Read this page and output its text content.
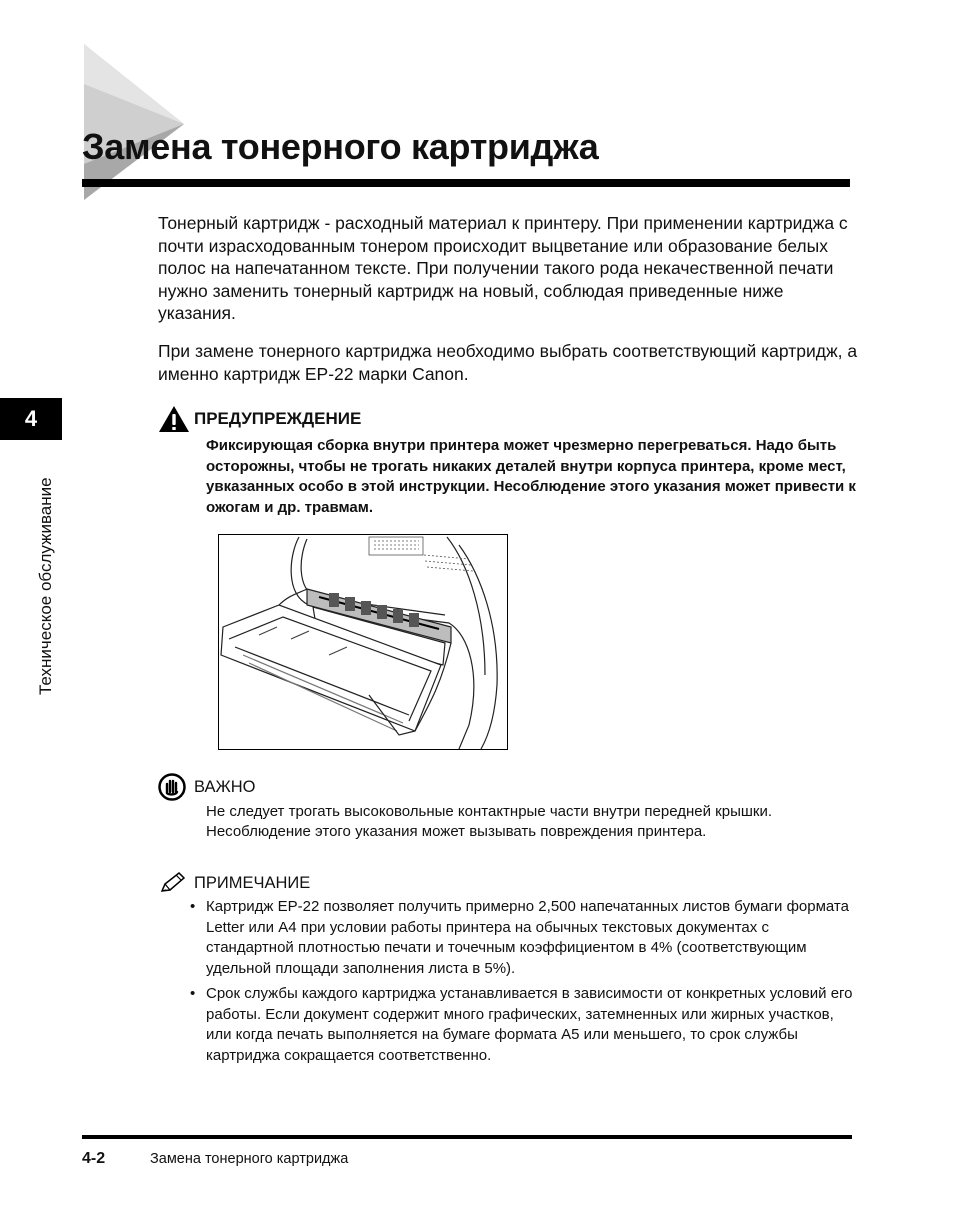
Замена тонерного картриджа
4
Техническое обслуживание

Тонерный картридж - расходный материал к принтеру. При применении картриджа с почти израсходованным тонером происходит выцветание или образование белых полос на напечатанном тексте. При получении такого рода некачественной печати нужно заменить тонерный картридж на новый, соблюдая приведенные ниже указания.

При замене тонерного картриджа необходимо выбрать соответствующий картридж, а именно картридж EP-22 марки Canon.

ПРЕДУПРЕЖДЕНИЕ

Фиксирующая сборка внутри принтера может чрезмерно перегреваться. Надо быть осторожны, чтобы не трогать никаких деталей внутри корпуса принтера, кроме мест, увказанных особо в этой инструкции. Несоблюдение этого указания может привести к ожогам и др. травмам.

ВАЖНО

Не следует трогать высоковольные контактнрые части внутри передней крышки. Несоблюдение этого указания может вызывать повреждения принтера.

ПРИМЕЧАНИЕ
• Картридж EP-22 позволяет получить примерно 2,500 напечатанных листов бумаги формата Letter или A4 при условии работы принтера на обычных текстовых документах с стандартной плотностью печати и точечным коэффициентом в 4% (соответствующим удельной площади заполнения листа в 5%).
• Срок службы каждого картриджа устанавливается в зависимости от конкретных условий его работы. Если документ содержит много графических, затемненных или жирных участков, или когда печать выполняется на бумаге формата A5 или меньшего, то срок службы картриджа сокращается соответственно.
4-2	Замена тонерного картриджа
